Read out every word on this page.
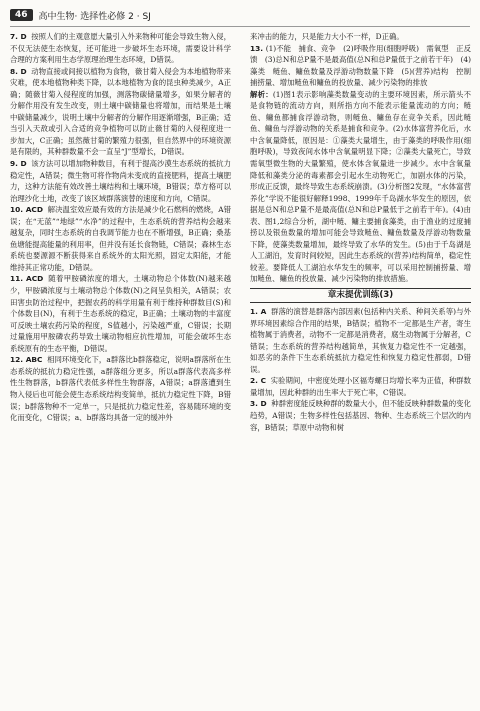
46	高中生物 · 选择性必修 2 · SJ

7. D 按照人们的主观意愿大量引入外来物种可能会导致生物入侵，不仅无法使生态恢复，还可能进一步破坏生态环境，需要设计科学合理的方案利用生态学原理治理生态环境，D错误。

8. D 动物直接或间接以植物为食物，薇甘菊入侵会为本地植物带来灾难，使本地植物种类下降，以本地植物为食的昆虫种类减少，A正确；随薇甘菊入侵程度的加强，测落物碳储量增多，如果分解者的分解作用没有发生改变，则土壤中碳储量也将增加，而结果是土壤中碳储量减少，说明土壤中分解者的分解作用逐渐增强，B正确；适当引入天敌或引入合适的竞争植物可以防止薇甘菊的入侵程度进一步加大，C正确；虽然薇甘菊的繁殖力很强，但自然界中的环境资源是有限的，其种群数量不会一直呈“J”型增长，D错误。

9. D 该方法可以增加物种数目，有利于提高沙漠生态系统的抵抗力稳定性，A错误；微生物可将作物尚未变成的直接肥料，提高土壤肥力，这种方法能有效改善土壤结构和土壤环境，B错误；草方格可以治理沙化土地，改变了该区域群落演替的速度和方向，C错误。

10. ACD 解决温室效应最有效的方法是减少化石燃料的燃烧，A错误；在“无蓝”“地绿”“水净”的过程中，生态系统的营养结构会越来越复杂，同时生态系统的自我调节能力也在不断增强，B正确；桑基鱼塘能提高能量的利用率，但并没有延长食物链，C错误；森林生态系统也要源源不断获得来自系统外的太阳光照，固定太阳能，才能维持其正常功能，D错误。

11. ACD 随着甲胺磷浓度的增大，土壤动物总个体数(N)越来越少，甲胺磷浓度与土壤动物总个体数(N)之间呈负相关，A错误；农田害虫防治过程中，把握农药的科学用量有利于维持种群数目(S)和个体数目(N)，有利于生态系统的稳定，B正确；土壤动物的丰富度可反映土壤农药污染的程度，S值越小，污染越严重，C错误；长期过量施用甲胺磷农药导致土壤动物相应抗性增加，可能会破坏生态系统原有的生态平衡，D错误。

12. ABC 相同环境变化下，a群落比b群落稳定，说明a群落所在生态系统的抵抗力稳定性强，a群落组分更多，所以a群落代表高多样性生物群落，b群落代表低多样性生物群落，A错误；a群落遭到生物入侵后也可能会使生态系统结构变简单，抵抗力稳定性下降，B错误；b群落物种不一定单一，只是抵抗力稳定性差，容易随环境的变化而变化，C错误；a、b群落均具备一定的缓冲外

来冲击的能力，只是能力大小不一样，D正确。

13. (1)不能　捕食、竞争　(2)呼吸作用(细胞呼吸)　需氧型　正反馈　(3)总N和总P量不是最高值(总N和总P量低于之前若干年)　(4)藻类　鲢鱼、鳙鱼数量及浮游动物数量下降　(5)(营养)结构　控制捕捞量、增加鲢鱼和鳙鱼的投放量、减少污染物的排放

解析：(1)图1表示影响藻类数量变动的主要环境因素，所示箭头不是食物链的流动方向，则所指方向不能表示能量流动的方向；鲢鱼、鳙鱼都捕食浮游动物，则鲢鱼、鳙鱼存在竞争关系，因此鲢鱼、鳙鱼与浮游动物的关系是捕食和竞争。(2)水体富营养化后，水中含氧量降低，原因是：①藻类大量增生，由于藻类的呼吸作用(细胞呼吸)，导致夜间水体中含氧量明显下降；②藻类大量死亡，导致需氧型微生物的大量繁殖，使水体含氧量进一步减少。水中含氧量降低和藻类分泌的毒素都会引起水生动物死亡，加剧水体的污染，形成正反馈，最终导致生态系统崩溃。(3)分析图2发现，“水体富营养化”学说不能很好解释1998、1999年千岛湖水华发生的原因，依据是总N和总P量不是最高值(总N和总P量低于之前若干年)。(4)由表、图1,2综合分析，湖中鲢、鳙主要捕食藻类，由于渔业的过度捕捞以及银鱼数量的增加可能会导致鲢鱼、鳙鱼数量及浮游动物数量下降，使藻类数量增加，最终导致了水华的发生。(5)由于千岛湖是人工湖泊，发育时间较短，因此生态系统的(营养)结构简单，稳定性较差。要降低人工湖泊水华发生的频率，可以采用控制捕捞量、增加鲢鱼、鳙鱼的投放量、减少污染物的排放措施。

章末提优训练(3)

1. A 群落的演替是群落内部因素(包括种内关系、种间关系等)与外界环境因素综合作用的结果，B错误；植物不一定都是生产者，寄生植物属于消费者，动物不一定都是消费者，腐生动物属于分解者，C错误；生态系统的营养结构越简单，其恢复力稳定性不一定越强，如恶劣的条件下生态系统抵抗力稳定性和恢复力稳定性都弱，D错误。

2. C 实验期间，中密度处理小区福寿螺日均增长率为正值，种群数量增加，因此种群的出生率大于死亡率，C错误。

3. D 种群密度能反映种群的数量大小，但不能反映种群数量的变化趋势，A错误；生物多样性包括基因、物种、生态系统三个层次的内容，B错误；草原中动物和树
